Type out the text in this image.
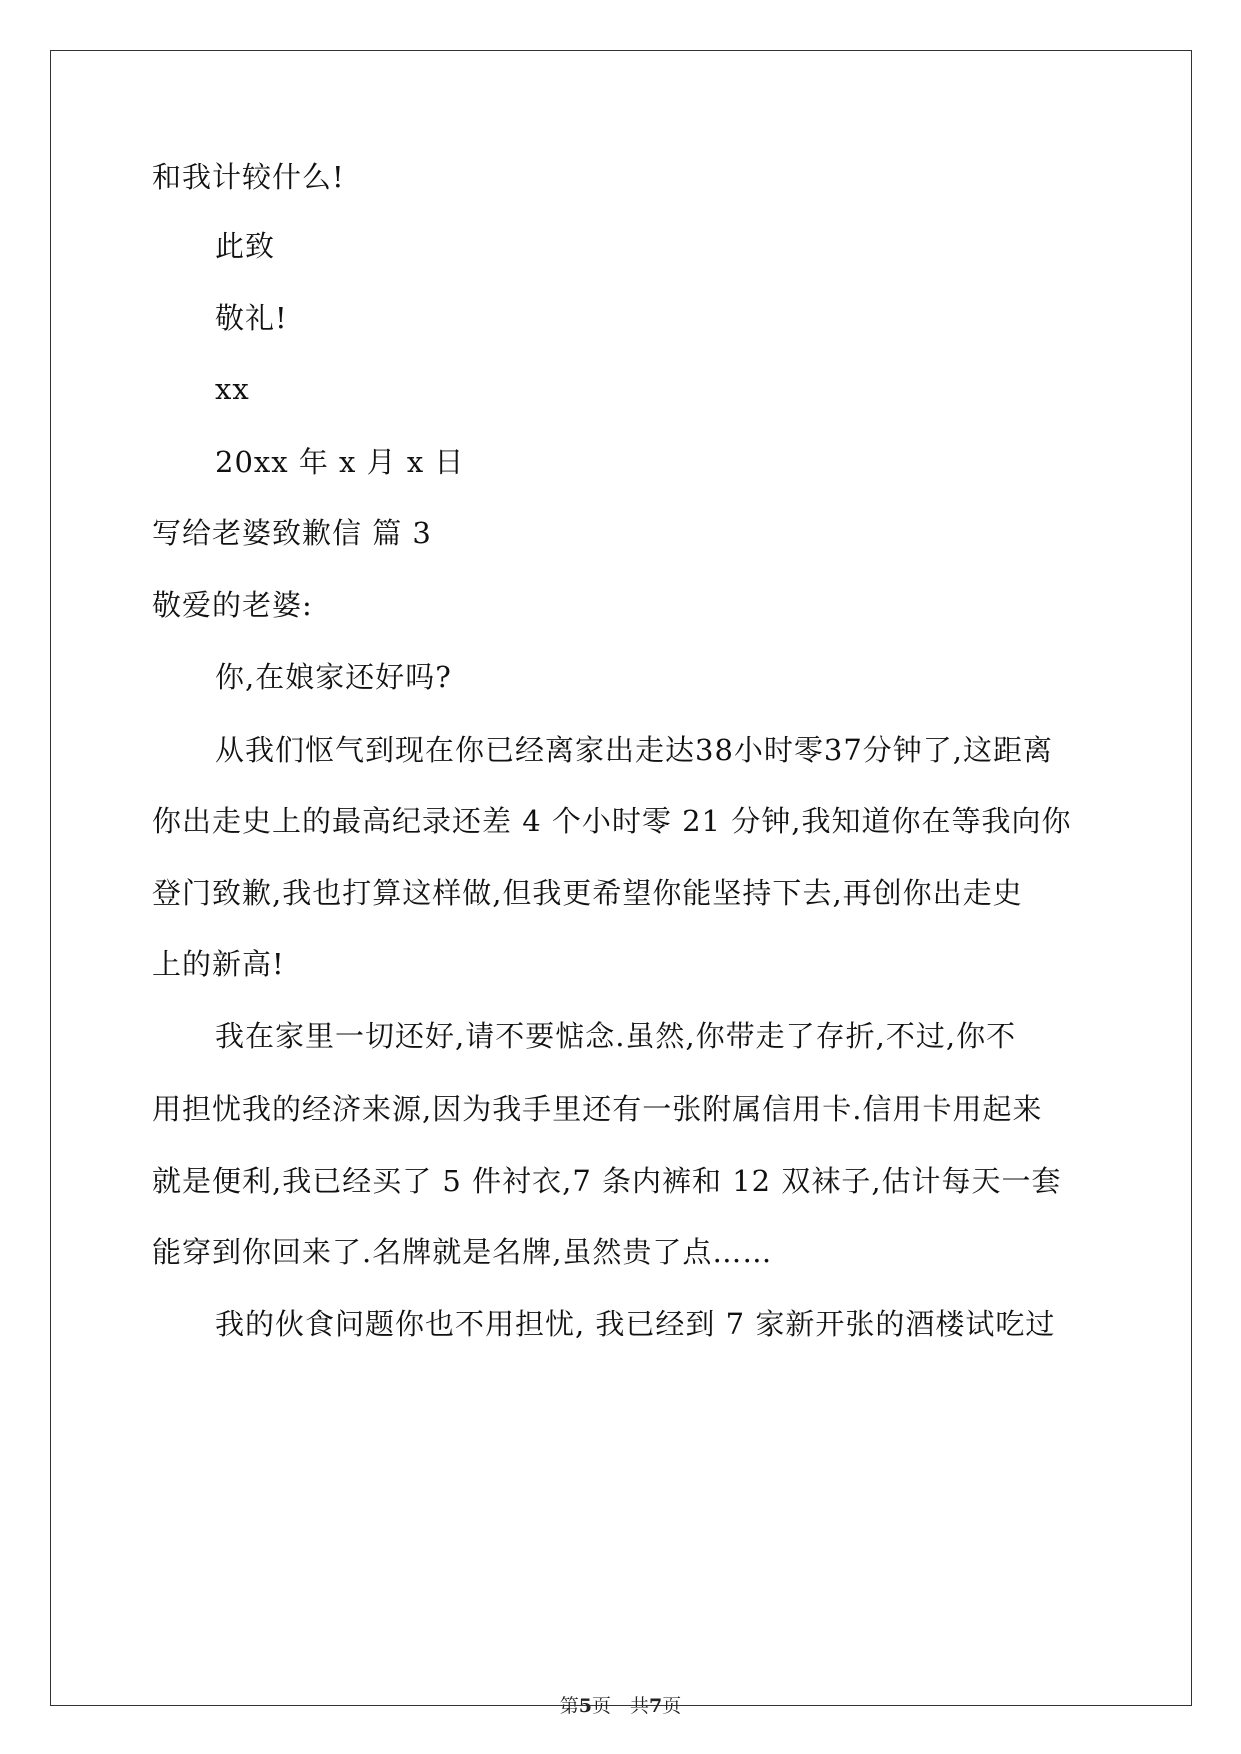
和我计较什么!
此致
敬礼!
xx
20xx 年 x 月 x 日
写给老婆致歉信 篇 3
敬爱的老婆:
你,在娘家还好吗?
从我们怄气到现在你已经离家出走达38小时零37分钟了,这距离
你出走史上的最高纪录还差 4 个小时零 21 分钟,我知道你在等我向你
登门致歉,我也打算这样做,但我更希望你能坚持下去,再创你出走史
上的新高!
我在家里一切还好,请不要惦念.虽然,你带走了存折,不过,你不
用担忧我的经济来源,因为我手里还有一张附属信用卡.信用卡用起来
就是便利,我已经买了 5 件衬衣,7 条内裤和 12 双袜子,估计每天一套
能穿到你回来了.名牌就是名牌,虽然贵了点……
我的伙食问题你也不用担忧, 我已经到 7 家新开张的酒楼试吃过
第5页　共7页
